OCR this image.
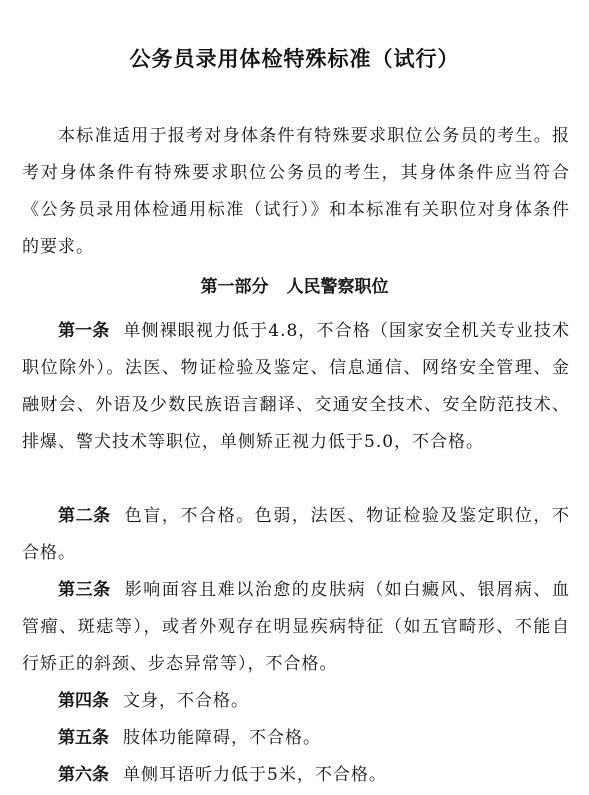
公务员录用体检特殊标准（试行）

本标准适用于报考对身体条件有特殊要求职位公务员的考生。报考对身体条件有特殊要求职位公务员的考生，其身体条件应当符合《公务员录用体检通用标准（试行）》和本标准有关职位对身体条件的要求。

第一部分 人民警察职位

第一条 单侧裸眼视力低于4.8，不合格（国家安全机关专业技术职位除外）。法医、物证检验及鉴定、信息通信、网络安全管理、金融财会、外语及少数民族语言翻译、交通安全技术、安全防范技术、排爆、警犬技术等职位，单侧矫正视力低于5.0，不合格。

第二条 色盲，不合格。色弱，法医、物证检验及鉴定职位，不合格。

第三条 影响面容且难以治愈的皮肤病（如白癜风、银屑病、血管瘤、斑痣等），或者外观存在明显疾病特征（如五官畸形、不能自行矫正的斜颈、步态异常等），不合格。

第四条 文身，不合格。

第五条 肢体功能障碍，不合格。

第六条 单侧耳语听力低于5米，不合格。
